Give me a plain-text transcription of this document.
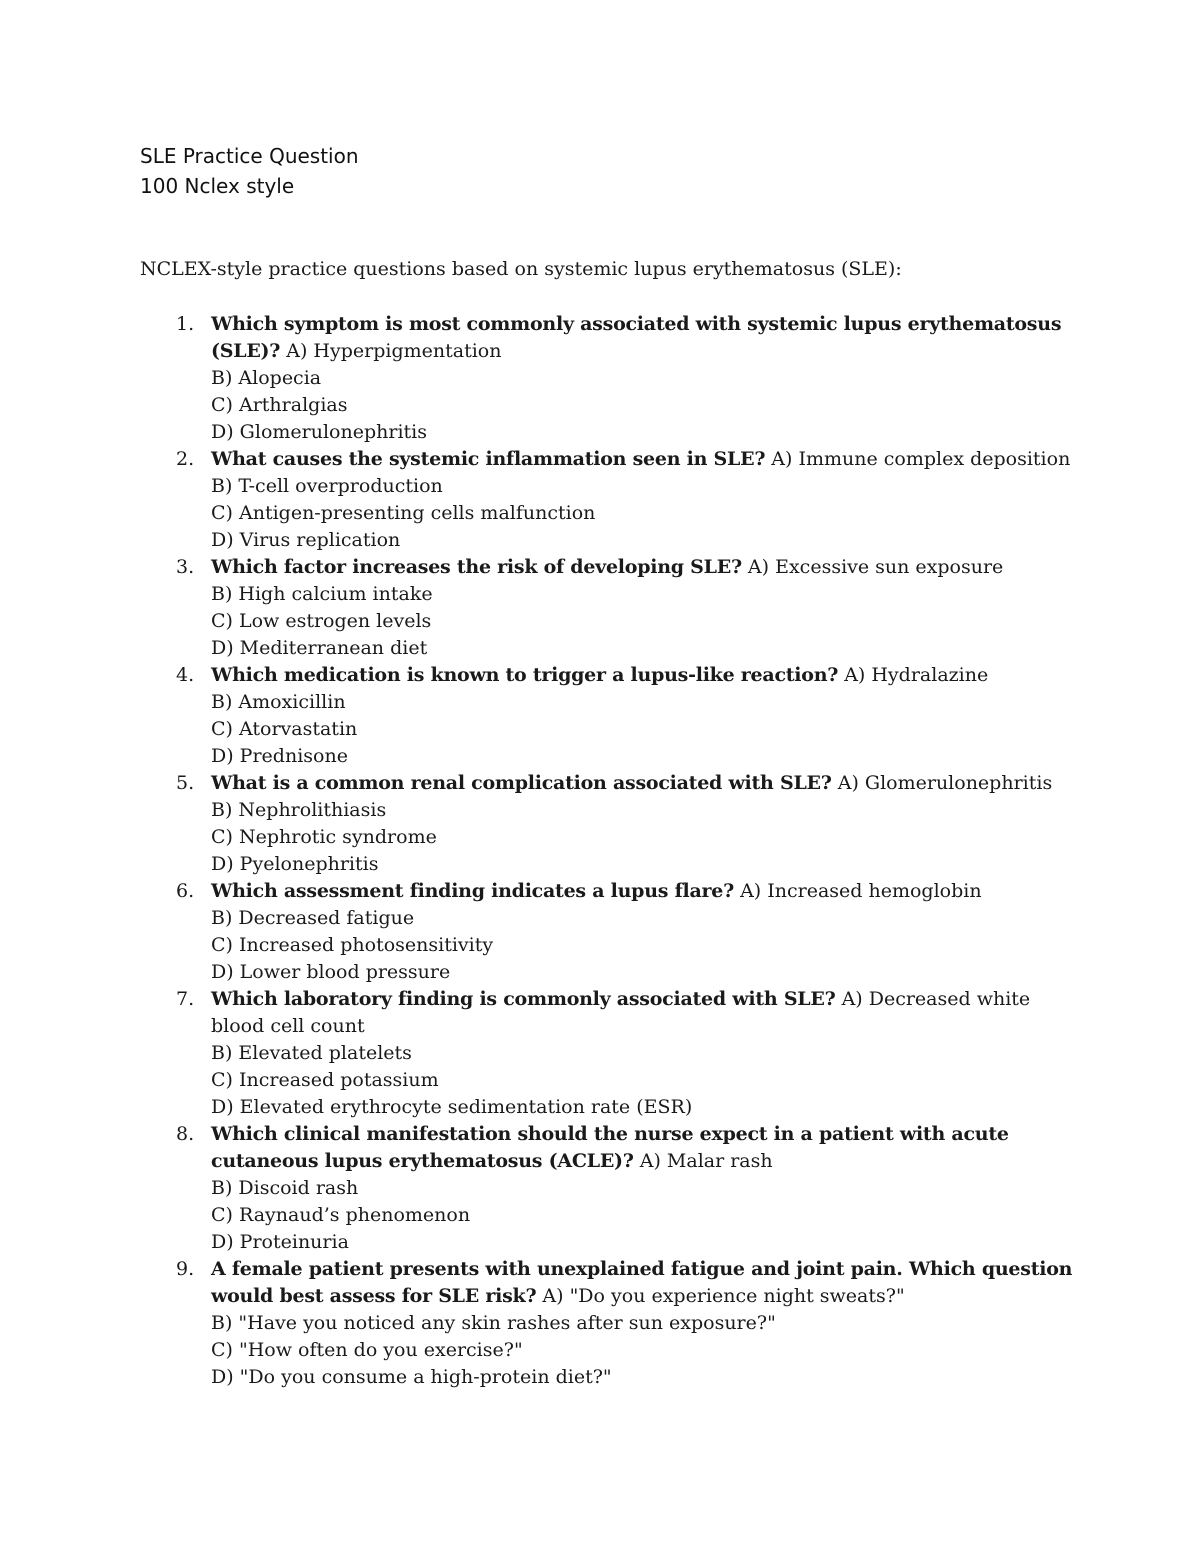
SLE Practice Question
100 Nclex style
NCLEX-style practice questions based on systemic lupus erythematosus (SLE):
1. Which symptom is most commonly associated with systemic lupus erythematosus (SLE)? A) Hyperpigmentation
B) Alopecia
C) Arthralgias
D) Glomerulonephritis
2. What causes the systemic inflammation seen in SLE? A) Immune complex deposition
B) T-cell overproduction
C) Antigen-presenting cells malfunction
D) Virus replication
3. Which factor increases the risk of developing SLE? A) Excessive sun exposure
B) High calcium intake
C) Low estrogen levels
D) Mediterranean diet
4. Which medication is known to trigger a lupus-like reaction? A) Hydralazine
B) Amoxicillin
C) Atorvastatin
D) Prednisone
5. What is a common renal complication associated with SLE? A) Glomerulonephritis
B) Nephrolithiasis
C) Nephrotic syndrome
D) Pyelonephritis
6. Which assessment finding indicates a lupus flare? A) Increased hemoglobin
B) Decreased fatigue
C) Increased photosensitivity
D) Lower blood pressure
7. Which laboratory finding is commonly associated with SLE? A) Decreased white blood cell count
B) Elevated platelets
C) Increased potassium
D) Elevated erythrocyte sedimentation rate (ESR)
8. Which clinical manifestation should the nurse expect in a patient with acute cutaneous lupus erythematosus (ACLE)? A) Malar rash
B) Discoid rash
C) Raynaud’s phenomenon
D) Proteinuria
9. A female patient presents with unexplained fatigue and joint pain. Which question would best assess for SLE risk? A) "Do you experience night sweats?"
B) "Have you noticed any skin rashes after sun exposure?"
C) "How often do you exercise?"
D) "Do you consume a high-protein diet?"
